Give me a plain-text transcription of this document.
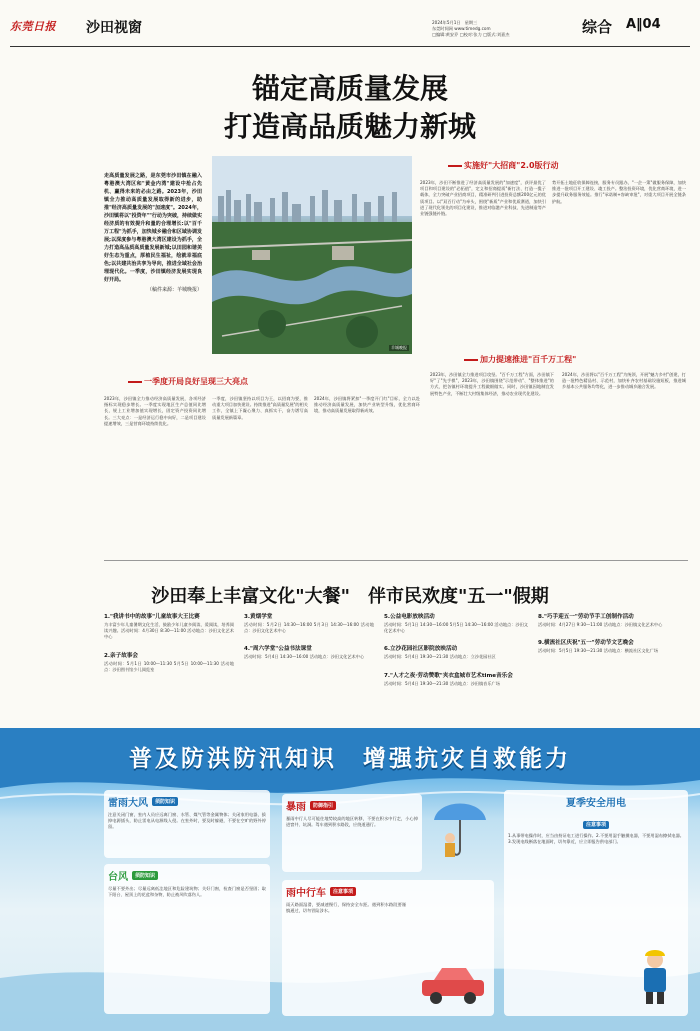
东莞日报 沙田视窗	2024年5月1日　星期三
东莞时间网 www.timedg.com
□编辑:黄安乔 □校对:张力 □版式:刘嘉杰	综合 A‖04
锚定高质量发展
打造高品质魅力新城
走高质量发展之路，是东莞市沙田镇在融入粤港澳大湾区和"黄金内湾"建设中抢占先机、赢得未来的必由之路。2023年，沙田镇全力推动高质量发展取得新的进步，助推"经济高质量发展的"加速度"。2024年，沙田镇将以"投资年""行动为突破，持续做实经济质的有效提升和量的合理增长:以"百千万工程"为抓手，加快城乡融合和区域协调发展;以深度参与粤港澳大湾区建设为抓手，全力打造高品质高质量发展新城;以田园和谐美好生态为重点，厚植民生福祉，绘就幸福底色;以共建共治共享为导向，推进全域社会治理现代化。一季度，沙田镇经济发展实现良好开局。
（稿件来源：羊城晚报）
羊城晚报
实施好"大招商"2.0版行动
2023年，沙田不断推进了经济高质量发展的"加速度"，获评最优了项目和项目建设的"必拓值"，定义和招商提质"新打法、打造一揽子载体，全力突破产业招商项目，精准研判引进投资总额200亿元的优质项目。以"双百行动"为牵头，围绕"新质"产业和优质赛道，加快引进了现代化领先的项目化建设，推进对临港产业科技、先进制造等产业链强链补链。
势开拓土地征收保障连接，服务专员跟办，"一企一策"做服务保障，加快推进一批项目开工建设、竣工投产。整治投资环境，优化营商环境，进一步提升政务服务效能。推行"承诺制+容缺审批"，对重大项目开展全链条护航。
加力提速推进"百千万工程"
一季度开局良好呈现三大亮点
2023年，沙田镇全力推动经济高质量发展，各项经济指标实现稳步增长。一季度实现地区生产总值同比增长，规上工业增加值实现增长，固定资产投资同比增长。三大亮点：一是经济运行稳中向好，二是项目建设提速增效，三是营商环境持续优化。
一季度，沙田镇坚持以项目为王，以招商为要，推动重大项目加快建设。持续推进"高质量发展"的相关工作，全镇上下凝心聚力、真抓实干，奋力谱写高质量发展新篇章。
2024年，沙田镇将紧扣"一季度开门红"目标，全力以赴推动经济高质量发展，加快产业转型升级，优化营商环境，推动高质量发展取得新成效。
2023年，沙田镇全力推进项目攻坚。"百千万工程"方面，沙田镇下好"了"先手棋"，2023年，沙田镇围绕"示范带动"、"整体推进"的方式，把各镇村环境提升工程做细做实。同时，沙田镇因地制宜发展特色产业，不断壮大村级集体经济，推动农业现代化建设。
2024年，沙田将以"百千万工程"为统领，开展"魅力乡村"创建，打造一批特色精品村、示范村，加快补齐农村基础设施短板，推进城乡基本公共服务均等化，进一步推动城乡融合发展。
沙田奉上丰富文化"大餐"　伴市民欢度"五一"假期
1."我讲书中的故事"儿童故事大王比赛
为丰富少年儿童暑期文化生活，鼓励少年儿童多阅读、爱阅读，培养阅读兴趣。活动时间：4月30日 8:30—11:00 活动地点：沙田文化艺术中心
2.亲子故事会
活动时间：5月1日 10:00—11:30 5月5日 10:00—11:30 活动地点：沙田图书馆少儿阅览室
3.黄烟学堂
活动时间：5月2日 14:30—16:00 5月3日 14:30—16:00 活动地点：沙田文化艺术中心
4."周六学堂"公益书法课堂
活动时间：5月4日 14:30—16:00 活动地点：沙田文化艺术中心
5.公益电影放映活动
活动时间：5月1日 14:30—16:00 5月5日 14:30—16:00 活动地点：沙田文化艺术中心
6.立沙花园社区影院放映活动
活动时间：5月4日 19:30—21:30 活动地点：立沙花园社区
7."人才之夜·劳动赞歌"夹衣盒城市艺术time音乐会
活动时间：5月4日 19:30—21:30 活动地点：沙田镇音乐广场
8."巧手迎五一"劳动节手工创制作活动
活动时间：4月27日 9:30—11:00 活动地点：沙田镇文化艺术中心
9.横流社区庆祝"五一"劳动节文艺晚会
活动时间：5月5日 19:30—21:30 活动地点：横流社区文化广场
普及防洪防汛知识　增强抗灾自救能力
雷雨大风	须防知识
注意关闭门窗，室内人员应远离门窗、水管、煤气管等金属物体；关闭家用电器，拔掉电源插头，防止雷电从电源线入侵。在室外时，要及时躲避，不要在空旷的野外停留。
台风	须防知识
尽量不要外出；尽量远离低洼地区和危险建筑物；关好门窗，检查门窗是否坚固；取下阳台、屋顶上的花盆和杂物，防止被风吹落伤人。
暴雨	防御指引
暴雨中行人尽可能往地势较高的地区转移，不要在积水中行走，小心掉进窨井、坑洞。驾车遇到积水路段，应绕道通行。
雨中行车	注意事项
雨天路面湿滑，要减速慢行，保持安全车距。遇到积水路段要谨慎通过，切勿冒险涉水。
夏季安全用电
注意事项
1.从事带电操作时，应当由持证电工进行操作。2.不要用湿手触摸电器，不要用湿布擦拭电器。3.发现电线断落在地面时，切勿靠近，应立即报告供电部门。
